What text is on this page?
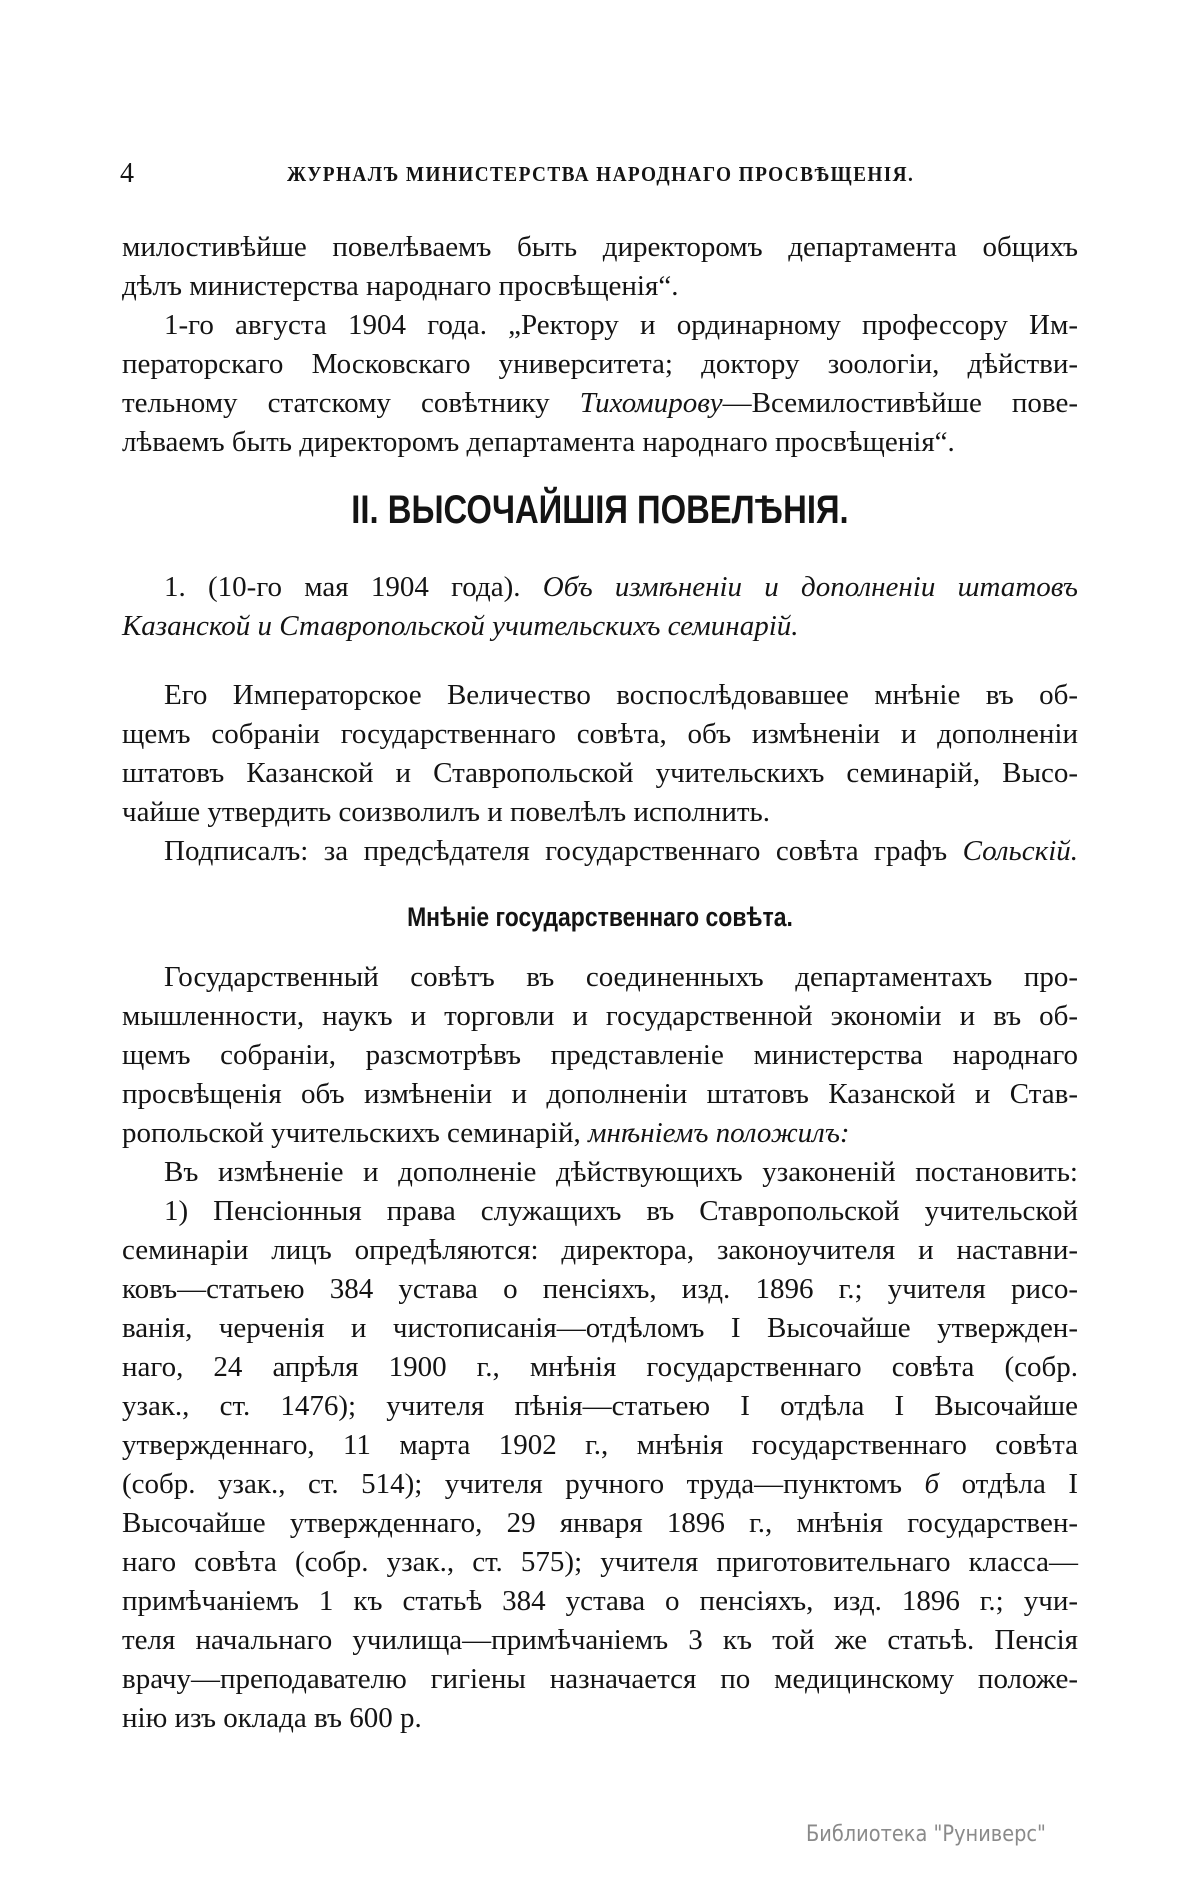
4	ЖУРНАЛЪ МИНИСТЕРСТВА НАРОДНАГО ПРОСВѢЩЕНІЯ.
милостивѣйше повелѣваемъ быть директоромъ департамента общихъ
дѣлъ министерства народнаго просвѣщенія“.
1-го августа 1904 года. „Ректору и ординарному профессору Им-
ператорскаго Московскаго университета; доктору зоологіи, дѣйстви-
тельному статскому совѣтнику Тихомирову—Всемилостивѣйше пове-
лѣваемъ быть директоромъ департамента народнаго просвѣщенія“.
II. ВЫСОЧАЙШІЯ ПОВЕЛѢНІЯ.
1. (10-го мая 1904 года). Объ измѣненіи и дополненіи штатовъ
Казанской и Ставропольской учительскихъ семинарій.
Его Императорское Величество воспослѣдовавшее мнѣніе въ об-
щемъ собраніи государственнаго совѣта, объ измѣненіи и дополненіи
штатовъ Казанской и Ставропольской учительскихъ семинарій, Высо-
чайше утвердить соизволилъ и повелѣлъ исполнить.
Подписалъ: за предсѣдателя государственнаго совѣта графъ Сольскій.
Мнѣніе государственнаго совѣта.
Государственный совѣтъ въ соединенныхъ департаментахъ про-
мышленности, наукъ и торговли и государственной экономіи и въ об-
щемъ собраніи, разсмотрѣвъ представленіе министерства народнаго
просвѣщенія объ измѣненіи и дополненіи штатовъ Казанской и Став-
ропольской учительскихъ семинарій, мнѣніемъ положилъ:
Въ измѣненіе и дополненіе дѣйствующихъ узаконеній постановить:
1) Пенсіонныя права служащихъ въ Ставропольской учительской
семинаріи лицъ опредѣляются: директора, законоучителя и наставни-
ковъ—статьею 384 устава о пенсіяхъ, изд. 1896 г.; учителя рисо-
ванія, черченія и чистописанія—отдѣломъ I Высочайше утвержден-
наго, 24 апрѣля 1900 г., мнѣнія государственнаго совѣта (собр.
узак., ст. 1476); учителя пѣнія—статьею I отдѣла I Высочайше
утвержденнаго, 11 марта 1902 г., мнѣнія государственнаго совѣта
(собр. узак., ст. 514); учителя ручного труда—пунктомъ б отдѣла I
Высочайше утвержденнаго, 29 января 1896 г., мнѣнія государствен-
наго совѣта (собр. узак., ст. 575); учителя приготовительнаго класса—
примѣчаніемъ 1 къ статьѣ 384 устава о пенсіяхъ, изд. 1896 г.; учи-
теля начальнаго училища—примѣчаніемъ 3 къ той же статьѣ. Пенсія
врачу—преподавателю гигіены назначается по медицинскому положе-
нію изъ оклада въ 600 р.
Библиотека "Руниверс"
